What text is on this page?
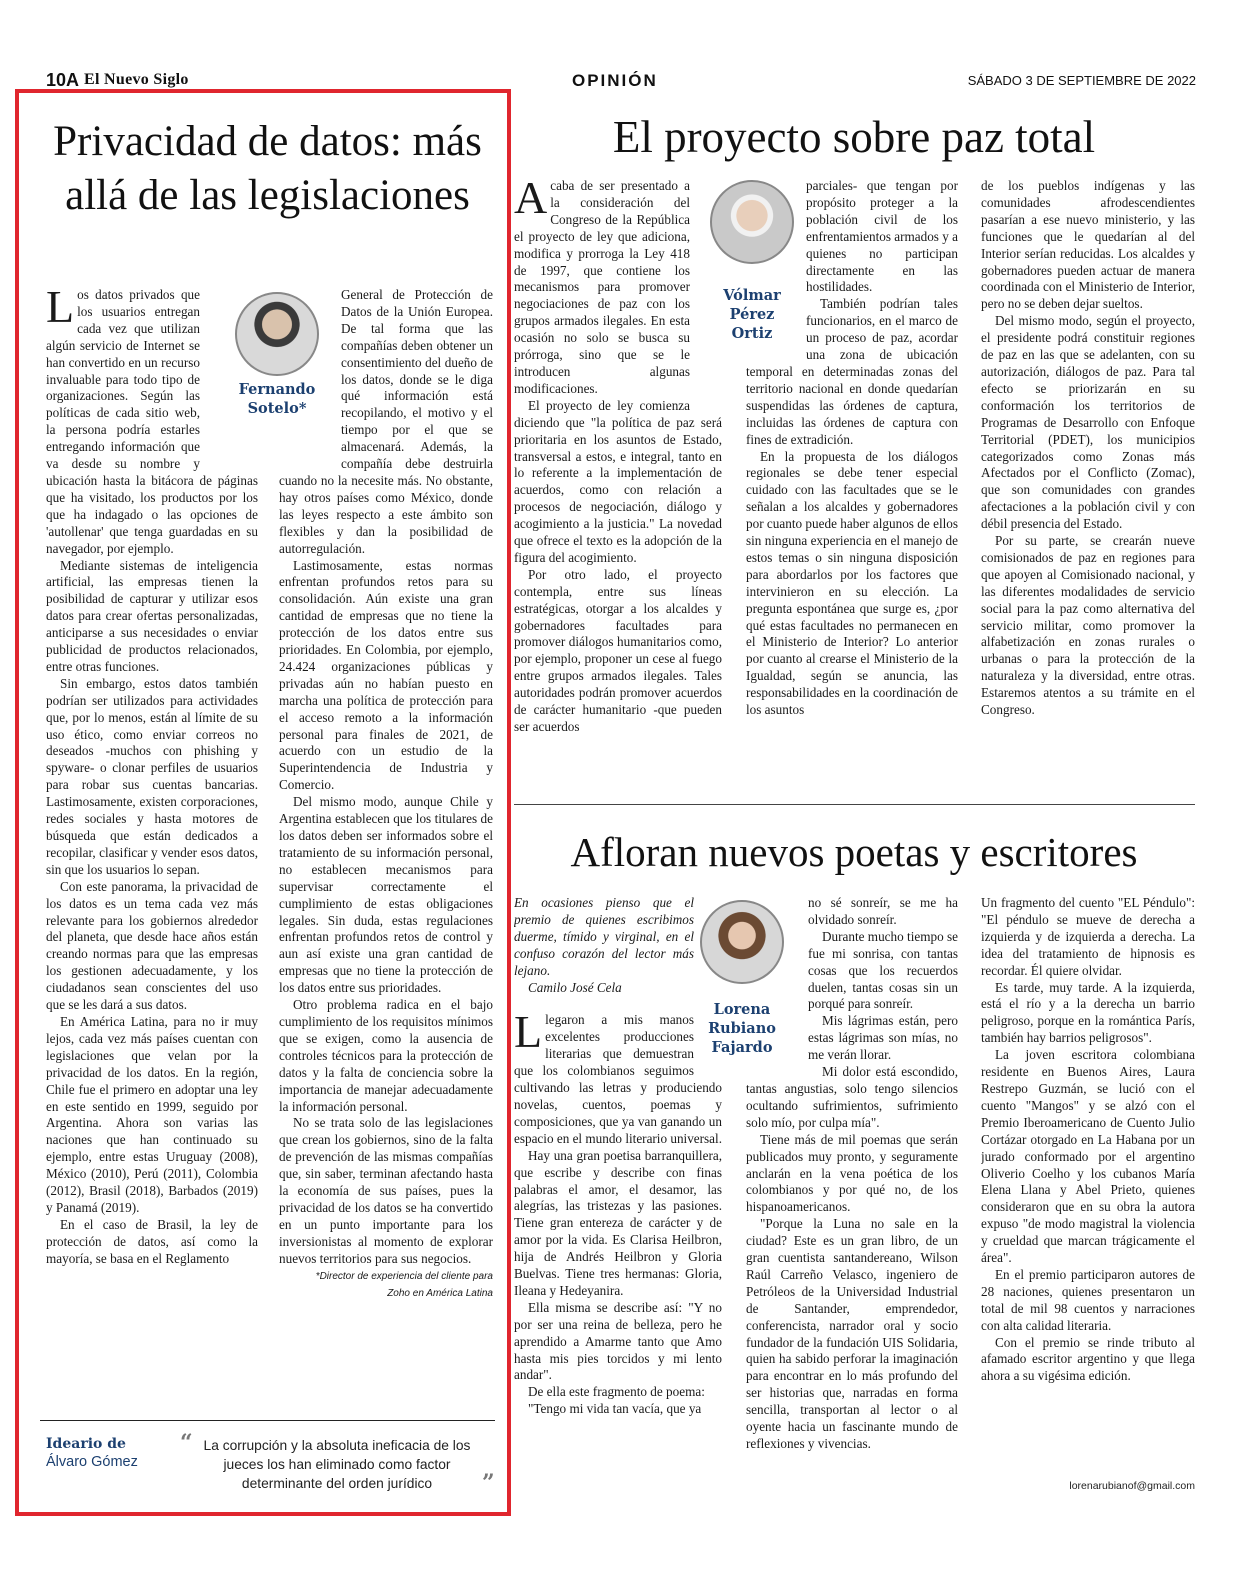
10A El Nuevo Siglo	OPINIÓN	SÁBADO 3 DE SEPTIEMBRE DE 2022
Privacidad de datos: más allá de las legislaciones
Fernando Sotelo*

Los datos privados que los usuarios entregan cada vez que utilizan algún servicio de Internet se han convertido en un recurso invaluable para todo tipo de organizaciones. Según las políticas de cada sitio web, la persona podría estarles entregando información que va desde su nombre y ubicación hasta la bitácora de páginas que ha visitado, los productos por los que ha indagado o las opciones de 'autollenar' que tenga guardadas en su navegador, por ejemplo.

Mediante sistemas de inteligencia artificial, las empresas tienen la posibilidad de capturar y utilizar esos datos para crear ofertas personalizadas, anticiparse a sus necesidades o enviar publicidad de productos relacionados, entre otras funciones.

Sin embargo, estos datos también podrían ser utilizados para actividades que, por lo menos, están al límite de su uso ético, como enviar correos no deseados -muchos con phishing y spyware- o clonar perfiles de usuarios para robar sus cuentas bancarias. Lastimosamente, existen corporaciones, redes sociales y hasta motores de búsqueda que están dedicados a recopilar, clasificar y vender esos datos, sin que los usuarios lo sepan.

Con este panorama, la privacidad de los datos es un tema cada vez más relevante para los gobiernos alrededor del planeta, que desde hace años están creando normas para que las empresas los gestionen adecuadamente, y los ciudadanos sean conscientes del uso que se les dará a sus datos.

En América Latina, para no ir muy lejos, cada vez más países cuentan con legislaciones que velan por la privacidad de los datos. En la región, Chile fue el primero en adoptar una ley en este sentido en 1999, seguido por Argentina. Ahora son varias las naciones que han continuado su ejemplo, entre estas Uruguay (2008), México (2010), Perú (2011), Colombia (2012), Brasil (2018), Barbados (2019) y Panamá (2019).

En el caso de Brasil, la ley de protección de datos, así como la mayoría, se basa en el Reglamento

General de Protección de Datos de la Unión Europea. De tal forma que las compañías deben obtener un consentimiento del dueño de los datos, donde se le diga qué información está recopilando, el motivo y el tiempo por el que se almacenará. Además, la compañía debe destruirla cuando no la necesite más. No obstante, hay otros países como México, donde las leyes respecto a este ámbito son flexibles y dan la posibilidad de autorregulación.

Lastimosamente, estas normas enfrentan profundos retos para su consolidación. Aún existe una gran cantidad de empresas que no tiene la protección de los datos entre sus prioridades. En Colombia, por ejemplo, 24.424 organizaciones públicas y privadas aún no habían puesto en marcha una política de protección para el acceso remoto a la información personal para finales de 2021, de acuerdo con un estudio de la Superintendencia de Industria y Comercio.

Del mismo modo, aunque Chile y Argentina establecen que los titulares de los datos deben ser informados sobre el tratamiento de su información personal, no establecen mecanismos para supervisar correctamente el cumplimiento de estas obligaciones legales. Sin duda, estas regulaciones enfrentan profundos retos de control y aun así existe una gran cantidad de empresas que no tiene la protección de los datos entre sus prioridades.

Otro problema radica en el bajo cumplimiento de los requisitos mínimos que se exigen, como la ausencia de controles técnicos para la protección de datos y la falta de conciencia sobre la importancia de manejar adecuadamente la información personal.

No se trata solo de las legislaciones que crean los gobiernos, sino de la falta de prevención de las mismas compañías que, sin saber, terminan afectando hasta la economía de sus países, pues la privacidad de los datos se ha convertido en un punto importante para los inversionistas al momento de explorar nuevos territorios para sus negocios.

*Director de experiencia del cliente para

Zoho en América Latina

Ideario de
Álvaro Gómez
“ La corrupción y la absoluta ineficacia de los jueces los han eliminado como factor determinante del orden jurídico	”
El proyecto sobre paz total
Vólmar
Pérez
Ortiz

Acaba de ser presentado a la consideración del Congreso de la República el proyecto de ley que adiciona, modifica y prorroga la Ley 418 de 1997, que contiene los mecanismos para promover negociaciones de paz con los grupos armados ilegales. En esta ocasión no solo se busca su prórroga, sino que se le introducen algunas modificaciones.

El proyecto de ley comienza diciendo que "la política de paz será prioritaria en los asuntos de Estado, transversal a estos, e integral, tanto en lo referente a la implementación de acuerdos, como con relación a procesos de negociación, diálogo y acogimiento a la justicia." La novedad que ofrece el texto es la adopción de la figura del acogimiento.

Por otro lado, el proyecto contempla, entre sus líneas estratégicas, otorgar a los alcaldes y gobernadores facultades para promover diálogos humanitarios como, por ejemplo, proponer un cese al fuego entre grupos armados ilegales. Tales autoridades podrán promover acuerdos de carácter humanitario -que pueden ser acuerdos

parciales- que tengan por propósito proteger a la población civil de los enfrentamientos armados y a quienes no participan directamente en las hostilidades.

También podrían tales funcionarios, en el marco de un proceso de paz, acordar una zona de ubicación temporal en determinadas zonas del territorio nacional en donde quedarían suspendidas las órdenes de captura, incluidas las órdenes de captura con fines de extradición.

En la propuesta de los diálogos regionales se debe tener especial cuidado con las facultades que se le señalan a los alcaldes y gobernadores por cuanto puede haber algunos de ellos sin ninguna experiencia en el manejo de estos temas o sin ninguna disposición para abordarlos por los factores que intervinieron en su elección. La pregunta espontánea que surge es, ¿por qué estas facultades no permanecen en el Ministerio de Interior? Lo anterior por cuanto al crearse el Ministerio de la Igualdad, según se anuncia, las responsabilidades en la coordinación de los asuntos

de los pueblos indígenas y las comunidades afrodescendientes pasarían a ese nuevo ministerio, y las funciones que le quedarían al del Interior serían reducidas. Los alcaldes y gobernadores pueden actuar de manera coordinada con el Ministerio de Interior, pero no se deben dejar sueltos.

Del mismo modo, según el proyecto, el presidente podrá constituir regiones de paz en las que se adelanten, con su autorización, diálogos de paz. Para tal efecto se priorizarán en su conformación los territorios de Programas de Desarrollo con Enfoque Territorial (PDET), los municipios categorizados como Zonas más Afectados por el Conflicto (Zomac), que son comunidades con grandes afectaciones a la población civil y con débil presencia del Estado.

Por su parte, se crearán nueve comisionados de paz en regiones para que apoyen al Comisionado nacional, y las diferentes modalidades de servicio social para la paz como alternativa del servicio militar, como promover la alfabetización en zonas rurales o urbanas o para la protección de la naturaleza y la diversidad, entre otras. Estaremos atentos a su trámite en el Congreso.

Afloran nuevos poetas y escritores
Lorena
Rubiano
Fajardo

En ocasiones pienso que el premio de quienes escribimos duerme, tímido y virginal, en el confuso corazón del lector más lejano.

Camilo José Cela

Llegaron a mis manos excelentes producciones literarias que demuestran que los colombianos seguimos cultivando las letras y produciendo novelas, cuentos, poemas y composiciones, que ya van ganando un espacio en el mundo literario universal.

Hay una gran poetisa barranquillera, que escribe y describe con finas palabras el amor, el desamor, las alegrías, las tristezas y las pasiones. Tiene gran entereza de carácter y de amor por la vida. Es Clarisa Heilbron, hija de Andrés Heilbron y Gloria Buelvas. Tiene tres hermanas: Gloria, Ileana y Hedeyanira.

Ella misma se describe así: "Y no por ser una reina de belleza, pero he aprendido a Amarme tanto que Amo hasta mis pies torcidos y mi lento andar".

De ella este fragmento de poema:

"Tengo mi vida tan vacía, que ya

no sé sonreír, se me ha olvidado sonreír.

Durante mucho tiempo se fue mi sonrisa, con tantas cosas que los recuerdos duelen, tantas cosas sin un porqué para sonreír.

Mis lágrimas están, pero estas lágrimas son mías, no me verán llorar.

Mi dolor está escondido, tantas angustias, solo tengo silencios ocultando sufrimientos, sufrimiento solo mío, por culpa mía".

Tiene más de mil poemas que serán publicados muy pronto, y seguramente anclarán en la vena poética de los colombianos y por qué no, de los hispanoamericanos.

"Porque la Luna no sale en la ciudad? Este es un gran libro, de un gran cuentista santandereano, Wilson Raúl Carreño Velasco, ingeniero de Petróleos de la Universidad Industrial de Santander, emprendedor, conferencista, narrador oral y socio fundador de la fundación UIS Solidaria, quien ha sabido perforar la imaginación para encontrar en lo más profundo del ser historias que, narradas en forma sencilla, transportan al lector o al oyente hacia un fascinante mundo de reflexiones y vivencias.

Un fragmento del cuento "EL Péndulo": "El péndulo se mueve de derecha a izquierda y de izquierda a derecha. La idea del tratamiento de hipnosis es recordar. Él quiere olvidar.

Es tarde, muy tarde. A la izquierda, está el río y a la derecha un barrio peligroso, porque en la romántica París, también hay barrios peligrosos".

La joven escritora colombiana residente en Buenos Aires, Laura Restrepo Guzmán, se lució con el cuento "Mangos" y se alzó con el Premio Iberoamericano de Cuento Julio Cortázar otorgado en La Habana por un jurado conformado por el argentino Oliverio Coelho y los cubanos María Elena Llana y Abel Prieto, quienes consideraron que en su obra la autora expuso "de modo magistral la violencia y crueldad que marcan trágicamente el área".

En el premio participaron autores de 28 naciones, quienes presentaron un total de mil 98 cuentos y narraciones con alta calidad literaria.

Con el premio se rinde tributo al afamado escritor argentino y que llega ahora a su vigésima edición.

lorenarubianof@gmail.com
